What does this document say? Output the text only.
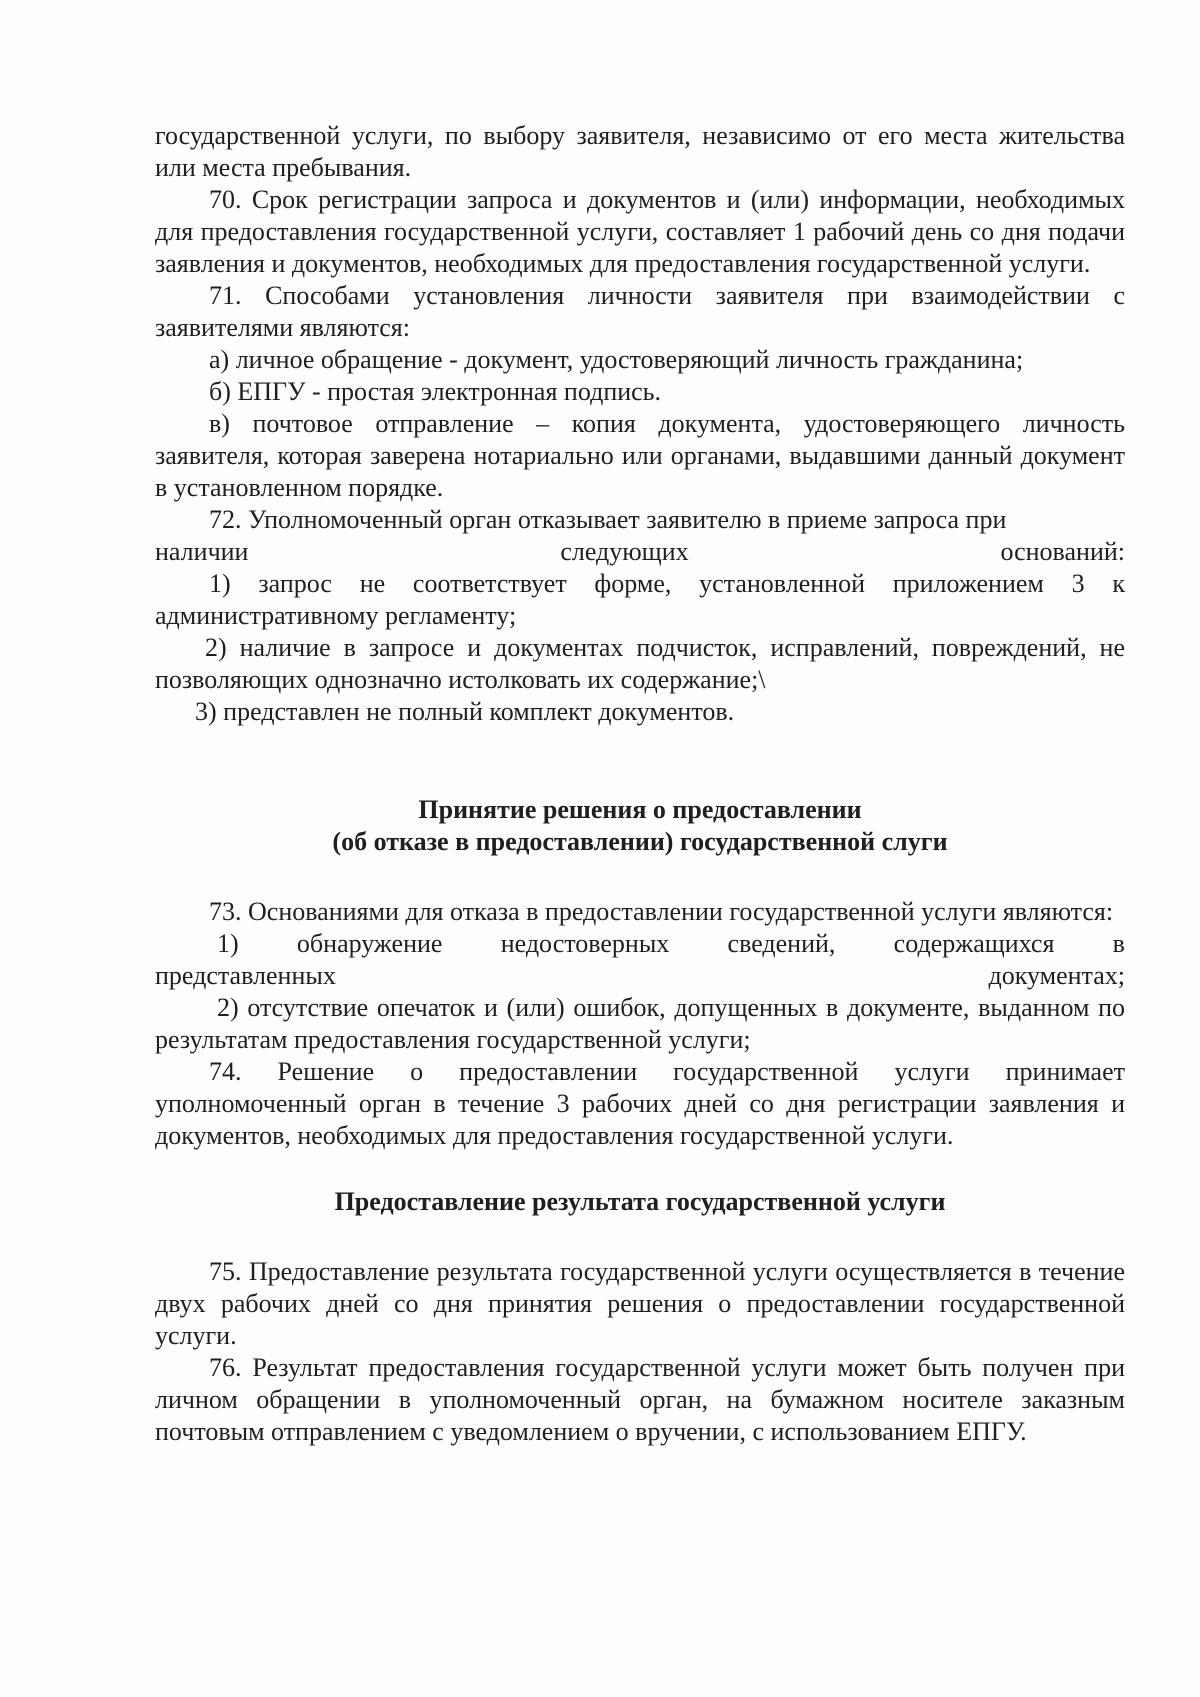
государственной услуги, по выбору заявителя, независимо от его места жительства или места пребывания.

70. Срок регистрации запроса и документов и (или) информации, необходимых для предоставления государственной услуги, составляет 1 рабочий день со дня подачи заявления и документов, необходимых для предоставления государственной услуги.

71. Способами установления личности заявителя при взаимодействии с заявителями являются:

а) личное обращение - документ, удостоверяющий личность гражданина;

б) ЕПГУ - простая электронная подпись.

в) почтовое отправление – копия документа, удостоверяющего личность заявителя, которая заверена нотариально или органами, выдавшими данный документ в установленном порядке.

72. Уполномоченный орган отказывает заявителю в приеме запроса при

наличии	следующих	оснований:

1) запрос не соответствует форме, установленной приложением 3 к административному регламенту;

2) наличие в запросе и документах подчисток, исправлений, повреждений, не позволяющих однозначно истолковать их содержание;\

3) представлен не полный комплект документов.

Принятие решения о предоставлении

(об отказе в предоставлении) государственной слуги

73. Основаниями для отказа в предоставлении государственной услуги являются:

1) обнаружение недостоверных сведений, содержащихся в
представленных	документах;

2) отсутствие опечаток и (или) ошибок, допущенных в документе, выданном по результатам предоставления государственной услуги;

74. Решение о предоставлении государственной услуги принимает уполномоченный орган в течение 3 рабочих дней со дня регистрации заявления и документов, необходимых для предоставления государственной услуги.

Предоставление результата государственной услуги

75. Предоставление результата государственной услуги осуществляется в течение двух рабочих дней со дня принятия решения о предоставлении государственной услуги.

76. Результат предоставления государственной услуги может быть получен при личном обращении в уполномоченный орган, на бумажном носителе заказным почтовым отправлением с уведомлением о вручении, с использованием ЕПГУ.
